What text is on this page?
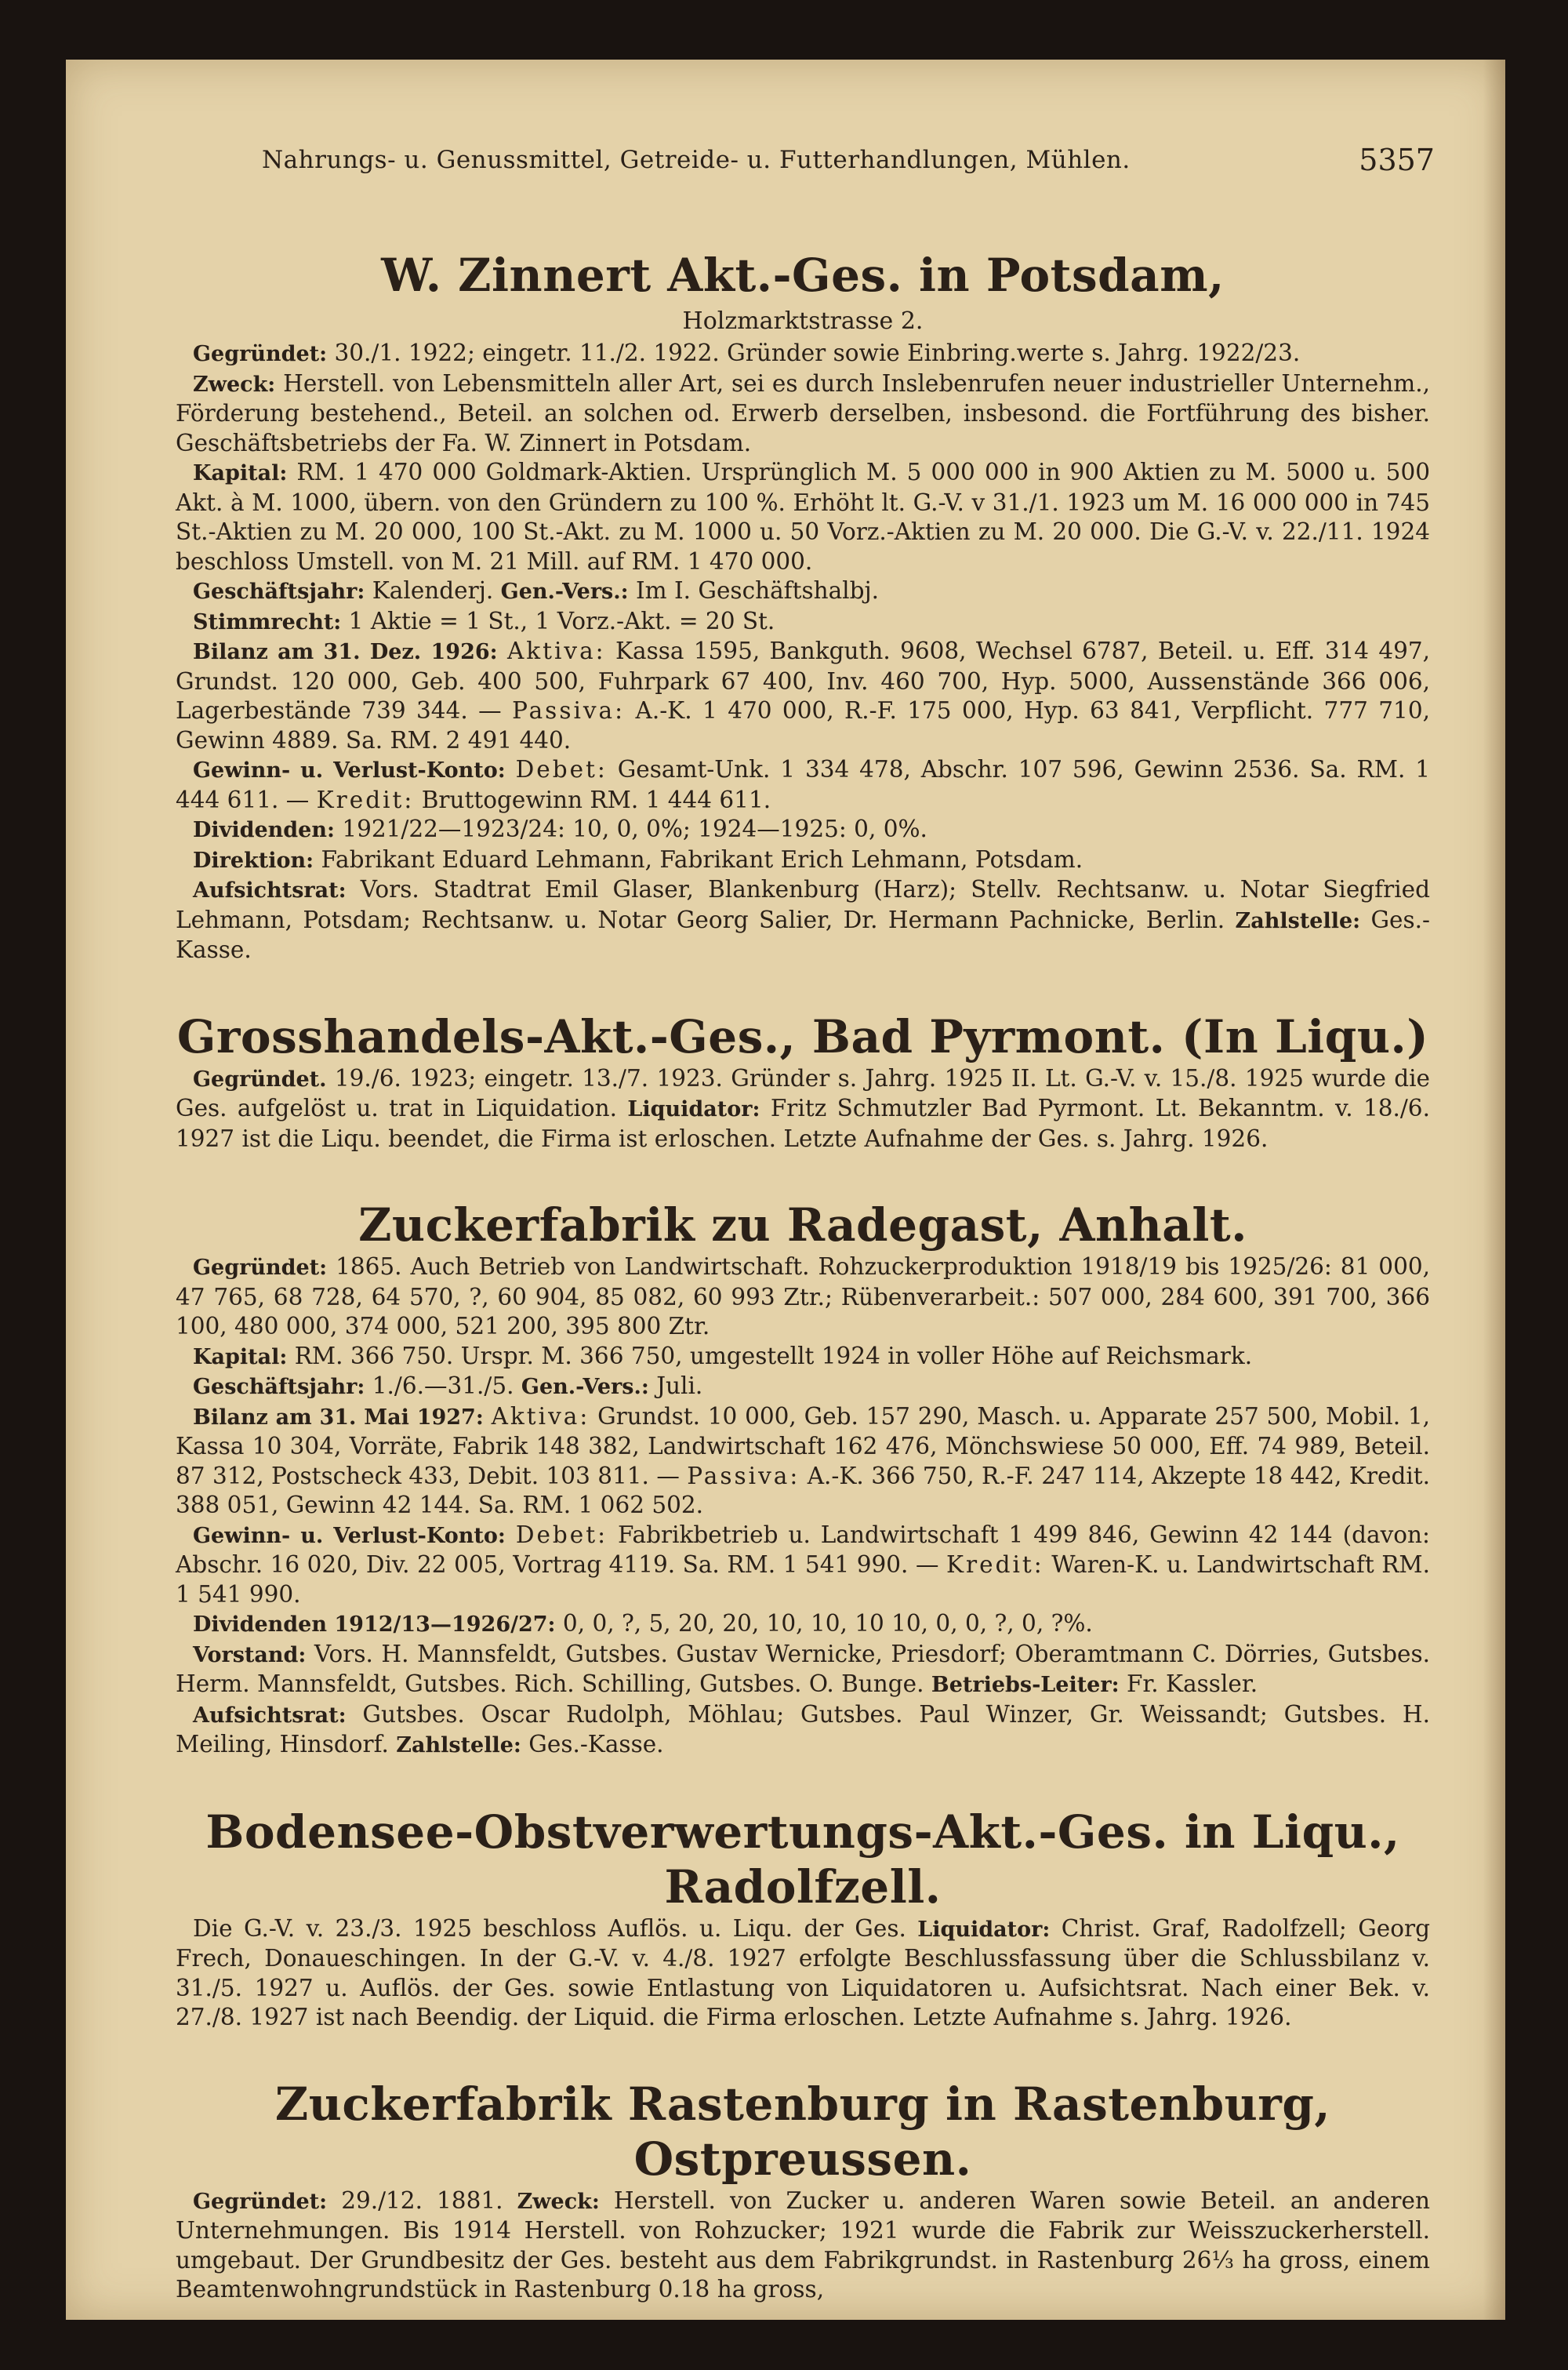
Nahrungs- u. Genussmittel, Getreide- u. Futterhandlungen, Mühlen.	5357
W. Zinnert Akt.-Ges. in Potsdam,
Holzmarktstrasse 2.

Gegründet: 30./1. 1922; eingetr. 11./2. 1922. Gründer sowie Einbring.werte s. Jahrg. 1922/23.

Zweck: Herstell. von Lebensmitteln aller Art, sei es durch Inslebenrufen neuer industrieller Unternehm., Förderung bestehend., Beteil. an solchen od. Erwerb derselben, insbesond. die Fortführung des bisher. Geschäftsbetriebs der Fa. W. Zinnert in Potsdam.

Kapital: RM. 1 470 000 Goldmark-Aktien. Ursprünglich M. 5 000 000 in 900 Aktien zu M. 5000 u. 500 Akt. à M. 1000, übern. von den Gründern zu 100 %. Erhöht lt. G.-V. v 31./1. 1923 um M. 16 000 000 in 745 St.-Aktien zu M. 20 000, 100 St.-Akt. zu M. 1000 u. 50 Vorz.-Aktien zu M. 20 000. Die G.-V. v. 22./11. 1924 beschloss Umstell. von M. 21 Mill. auf RM. 1 470 000.

Geschäftsjahr: Kalenderj. Gen.-Vers.: Im I. Geschäftshalbj.

Stimmrecht: 1 Aktie = 1 St., 1 Vorz.-Akt. = 20 St.

Bilanz am 31. Dez. 1926: Aktiva: Kassa 1595, Bankguth. 9608, Wechsel 6787, Beteil. u. Eff. 314 497, Grundst. 120 000, Geb. 400 500, Fuhrpark 67 400, Inv. 460 700, Hyp. 5000, Aussenstände 366 006, Lagerbestände 739 344. — Passiva: A.-K. 1 470 000, R.-F. 175 000, Hyp. 63 841, Verpflicht. 777 710, Gewinn 4889. Sa. RM. 2 491 440.

Gewinn- u. Verlust-Konto: Debet: Gesamt-Unk. 1 334 478, Abschr. 107 596, Gewinn 2536. Sa. RM. 1 444 611. — Kredit: Bruttogewinn RM. 1 444 611.

Dividenden: 1921/22—1923/24: 10, 0, 0%; 1924—1925: 0, 0%.

Direktion: Fabrikant Eduard Lehmann, Fabrikant Erich Lehmann, Potsdam.

Aufsichtsrat: Vors. Stadtrat Emil Glaser, Blankenburg (Harz); Stellv. Rechtsanw. u. Notar Siegfried Lehmann, Potsdam; Rechtsanw. u. Notar Georg Salier, Dr. Hermann Pachnicke, Berlin. Zahlstelle: Ges.-Kasse.

Grosshandels-Akt.-Ges., Bad Pyrmont. (In Liqu.)

Gegründet. 19./6. 1923; eingetr. 13./7. 1923. Gründer s. Jahrg. 1925 II. Lt. G.-V. v. 15./8. 1925 wurde die Ges. aufgelöst u. trat in Liquidation. Liquidator: Fritz Schmutzler Bad Pyrmont. Lt. Bekanntm. v. 18./6. 1927 ist die Liqu. beendet, die Firma ist erloschen. Letzte Aufnahme der Ges. s. Jahrg. 1926.

Zuckerfabrik zu Radegast, Anhalt.

Gegründet: 1865. Auch Betrieb von Landwirtschaft. Rohzuckerproduktion 1918/19 bis 1925/26: 81 000, 47 765, 68 728, 64 570, ?, 60 904, 85 082, 60 993 Ztr.; Rübenverarbeit.: 507 000, 284 600, 391 700, 366 100, 480 000, 374 000, 521 200, 395 800 Ztr.

Kapital: RM. 366 750. Urspr. M. 366 750, umgestellt 1924 in voller Höhe auf Reichsmark.

Geschäftsjahr: 1./6.—31./5. Gen.-Vers.: Juli.

Bilanz am 31. Mai 1927: Aktiva: Grundst. 10 000, Geb. 157 290, Masch. u. Apparate 257 500, Mobil. 1, Kassa 10 304, Vorräte, Fabrik 148 382, Landwirtschaft 162 476, Mönchswiese 50 000, Eff. 74 989, Beteil. 87 312, Postscheck 433, Debit. 103 811. — Passiva: A.-K. 366 750, R.-F. 247 114, Akzepte 18 442, Kredit. 388 051, Gewinn 42 144. Sa. RM. 1 062 502.

Gewinn- u. Verlust-Konto: Debet: Fabrikbetrieb u. Landwirtschaft 1 499 846, Gewinn 42 144 (davon: Abschr. 16 020, Div. 22 005, Vortrag 4119. Sa. RM. 1 541 990. — Kredit: Waren-K. u. Landwirtschaft RM. 1 541 990.

Dividenden 1912/13—1926/27: 0, 0, ?, 5, 20, 20, 10, 10, 10 10, 0, 0, ?, 0, ?%.

Vorstand: Vors. H. Mannsfeldt, Gutsbes. Gustav Wernicke, Priesdorf; Oberamtmann C. Dörries, Gutsbes. Herm. Mannsfeldt, Gutsbes. Rich. Schilling, Gutsbes. O. Bunge. Betriebs-Leiter: Fr. Kassler.

Aufsichtsrat: Gutsbes. Oscar Rudolph, Möhlau; Gutsbes. Paul Winzer, Gr. Weissandt; Gutsbes. H. Meiling, Hinsdorf. Zahlstelle: Ges.-Kasse.

Bodensee-Obstverwertungs-Akt.-Ges. in Liqu., Radolfzell.

Die G.-V. v. 23./3. 1925 beschloss Auflös. u. Liqu. der Ges. Liquidator: Christ. Graf, Radolfzell; Georg Frech, Donaueschingen. In der G.-V. v. 4./8. 1927 erfolgte Beschlussfassung über die Schlussbilanz v. 31./5. 1927 u. Auflös. der Ges. sowie Entlastung von Liquidatoren u. Aufsichtsrat. Nach einer Bek. v. 27./8. 1927 ist nach Beendig. der Liquid. die Firma erloschen. Letzte Aufnahme s. Jahrg. 1926.

Zuckerfabrik Rastenburg in Rastenburg, Ostpreussen.

Gegründet: 29./12. 1881. Zweck: Herstell. von Zucker u. anderen Waren sowie Beteil. an anderen Unternehmungen. Bis 1914 Herstell. von Rohzucker; 1921 wurde die Fabrik zur Weisszuckerherstell. umgebaut. Der Grundbesitz der Ges. besteht aus dem Fabrikgrundst. in Rastenburg 26⅓ ha gross, einem Beamtenwohngrundstück in Rastenburg 0.18 ha gross,
